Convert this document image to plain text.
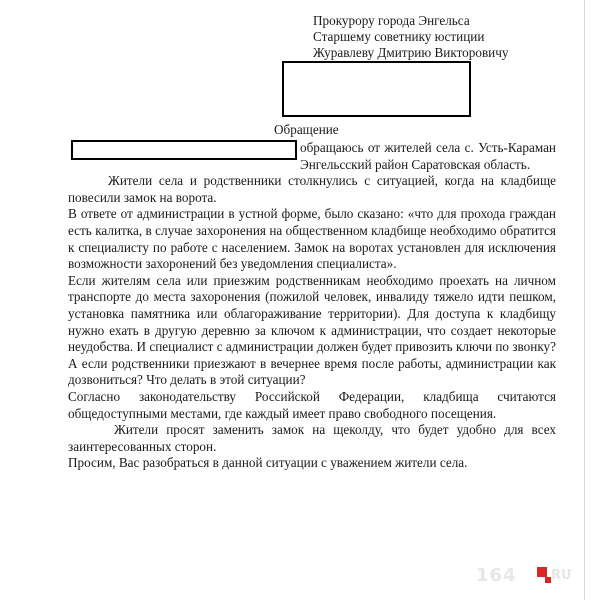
Прокурору города Энгельса
Старшему советнику юстиции
Журавлеву Дмитрию Викторовичу
Обращение

обращаюсь от жителей села с. Усть-Караман Энгельсский район Саратовская область.

Жители села и родственники столкнулись с ситуацией, когда на кладбище повесили замок на ворота.

В ответе от администрации в устной форме, было сказано: «что для прохода граждан есть калитка, в случае захоронения на общественном кладбище необходимо обратится к специалисту по работе с населением. Замок на воротах установлен для исключения возможности захоронений без уведомления специалиста».

Если жителям села или приезжим родственникам необходимо проехать на личном транспорте до места захоронения (пожилой человек, инвалиду тяжело идти пешком, установка памятника или облагораживание территории). Для доступа к кладбищу нужно ехать в другую деревню за ключом к администрации, что создает некоторые неудобства. И специалист с администрации должен будет привозить ключи по звонку? А если родственники приезжают в вечернее время после работы, администрации как дозвониться? Что делать в этой ситуации?

Согласно законодательству Российской Федерации, кладбища считаются общедоступными местами, где каждый имеет право свободного посещения.

Жители просят заменить замок на щеколду, что будет удобно для всех заинтересованных сторон.

Просим, Вас разобраться в данной ситуации с уважением жители села.

164	RU
